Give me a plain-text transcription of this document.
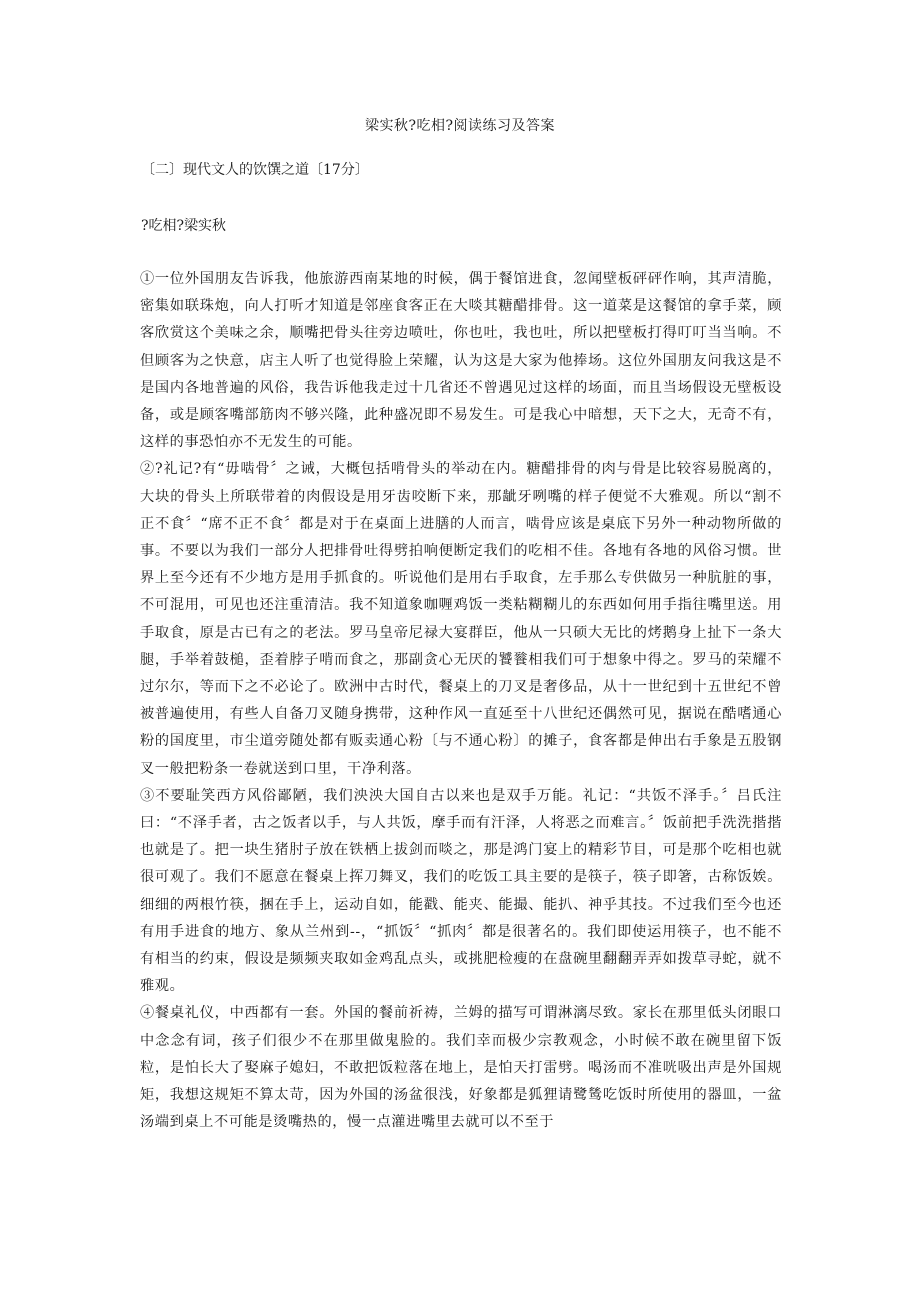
梁实秋?吃相?阅读练习及答案
〔二〕现代文人的饮馔之道〔17分〕
?吃相?梁实秋

①一位外国朋友告诉我，他旅游西南某地的时候，偶于餐馆进食，忽闻壁板砰砰作响，其声清脆，密集如联珠炮，向人打听才知道是邻座食客正在大啖其糖醋排骨。这一道菜是这餐馆的拿手菜，顾客欣赏这个美味之余，顺嘴把骨头往旁边喷吐，你也吐，我也吐，所以把壁板打得叮叮当当响。不但顾客为之快意，店主人听了也觉得脸上荣耀，认为这是大家为他捧场。这位外国朋友问我这是不是国内各地普遍的风俗，我告诉他我走过十几省还不曾遇见过这样的场面，而且当场假设无壁板设备，或是顾客嘴部筋肉不够兴隆，此种盛况即不易发生。可是我心中暗想，天下之大，无奇不有，这样的事恐怕亦不无发生的可能。

②?礼记?有“毋啮骨〞之诫，大概包括啃骨头的举动在内。糖醋排骨的肉与骨是比较容易脱离的，大块的骨头上所联带着的肉假设是用牙齿咬断下来，那龇牙咧嘴的样子便觉不大雅观。所以“割不正不食〞“席不正不食〞都是对于在桌面上进膳的人而言，啮骨应该是桌底下另外一种动物所做的事。不要以为我们一部分人把排骨吐得劈拍响便断定我们的吃相不佳。各地有各地的风俗习惯。世界上至今还有不少地方是用手抓食的。听说他们是用右手取食，左手那么专供做另一种肮脏的事，不可混用，可见也还注重清洁。我不知道象咖喱鸡饭一类粘糊糊儿的东西如何用手指往嘴里送。用手取食，原是古已有之的老法。罗马皇帝尼禄大宴群臣，他从一只硕大无比的烤鹅身上扯下一条大腿，手举着鼓槌，歪着脖子啃而食之，那副贪心无厌的饕餮相我们可于想象中得之。罗马的荣耀不过尔尔，等而下之不必论了。欧洲中古时代，餐桌上的刀叉是奢侈品，从十一世纪到十五世纪不曾被普遍使用，有些人自备刀叉随身携带，这种作风一直延至十八世纪还偶然可见，据说在酷嗜通心粉的国度里，市尘道旁随处都有贩卖通心粉〔与不通心粉〕的摊子，食客都是伸出右手象是五股钢叉一般把粉条一卷就送到口里，干净利落。

③不要耻笑西方风俗鄙陋，我们泱泱大国自古以来也是双手万能。礼记：“共饭不泽手。〞吕氏注曰：“不泽手者，古之饭者以手，与人共饭，摩手而有汗泽，人将恶之而难言。〞饭前把手洗洗揩揩也就是了。把一块生猪肘子放在铁栖上拔剑而啖之，那是鸿门宴上的精彩节目，可是那个吃相也就很可观了。我们不愿意在餐桌上挥刀舞叉，我们的吃饭工具主要的是筷子，筷子即箸，古称饭娭。细细的两根竹筷，捆在手上，运动自如，能戳、能夹、能撮、能扒、神乎其技。不过我们至今也还有用手进食的地方、象从兰州到--，“抓饭〞“抓肉〞都是很著名的。我们即使运用筷子，也不能不有相当的约束，假设是频频夹取如金鸡乱点头，或挑肥检瘦的在盘碗里翻翻弄弄如拨草寻蛇，就不雅观。

④餐桌礼仪，中西都有一套。外国的餐前祈祷，兰姆的描写可谓淋漓尽致。家长在那里低头闭眼口中念念有词，孩子们很少不在那里做鬼脸的。我们幸而极少宗教观念，小时候不敢在碗里留下饭粒，是怕长大了娶麻子媳妇，不敢把饭粒落在地上，是怕天打雷劈。喝汤而不准咣吸出声是外国规矩，我想这规矩不算太苛，因为外国的汤盆很浅，好象都是狐狸请鹭鸶吃饭时所使用的器皿，一盆汤端到桌上不可能是烫嘴热的，慢一点灌进嘴里去就可以不至于
